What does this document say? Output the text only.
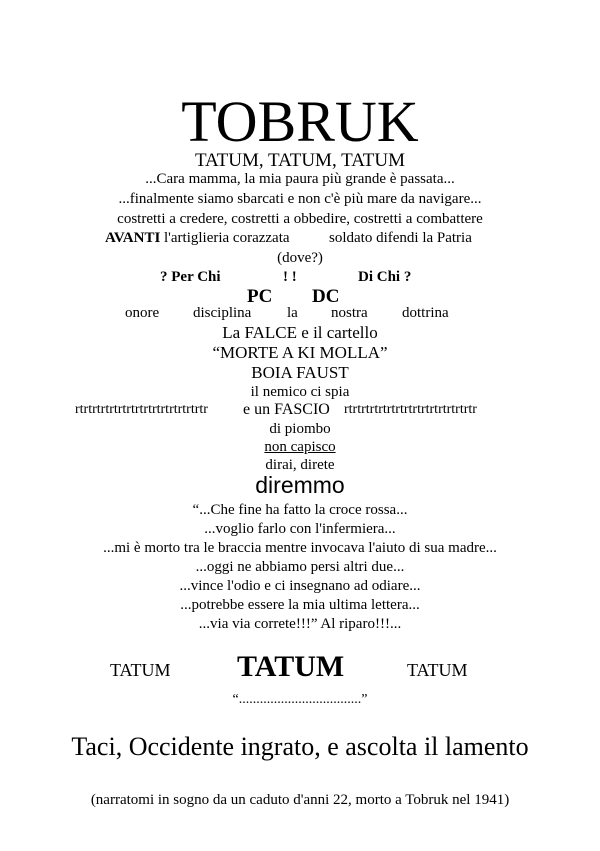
TOBRUK
TATUM, TATUM, TATUM
...Cara mamma, la mia paura più grande è passata...
...finalmente siamo sbarcati e non c'è più mare da navigare...
costretti a credere, costretti a obbedire, costretti a combattere
AVANTI l'artiglieria corazzata	soldato difendi la Patria
(dove?)
? Per Chi	! !	Di Chi ?
PC DC
onore disciplina la nostra dottrina
La FALCE e il cartello
“MORTE A KI MOLLA”
BOIA FAUST
il nemico ci spia
rtrtrtrtrtrtrtrtrtrtrtrtrtrtrtr	e un FASCIO rtrtrtrtrtrtrtrtrtrtrtrtrtrtrtr
di piombo
non capisco
dirai, direte
diremmo
“...Che fine ha fatto la croce rossa...
...voglio farlo con l'infermiera...
...mi è morto tra le braccia mentre invocava l'aiuto di sua madre...
...oggi ne abbiamo persi altri due...
...vince l'odio e ci insegnano ad odiare...
...potrebbe essere la mia ultima lettera...
...via via correte!!!” Al riparo!!!...
TATUM TATUM	TATUM
“...................................”
Taci, Occidente ingrato, e ascolta il lamento
(narratomi in sogno da un caduto d'anni 22, morto a Tobruk nel 1941)
